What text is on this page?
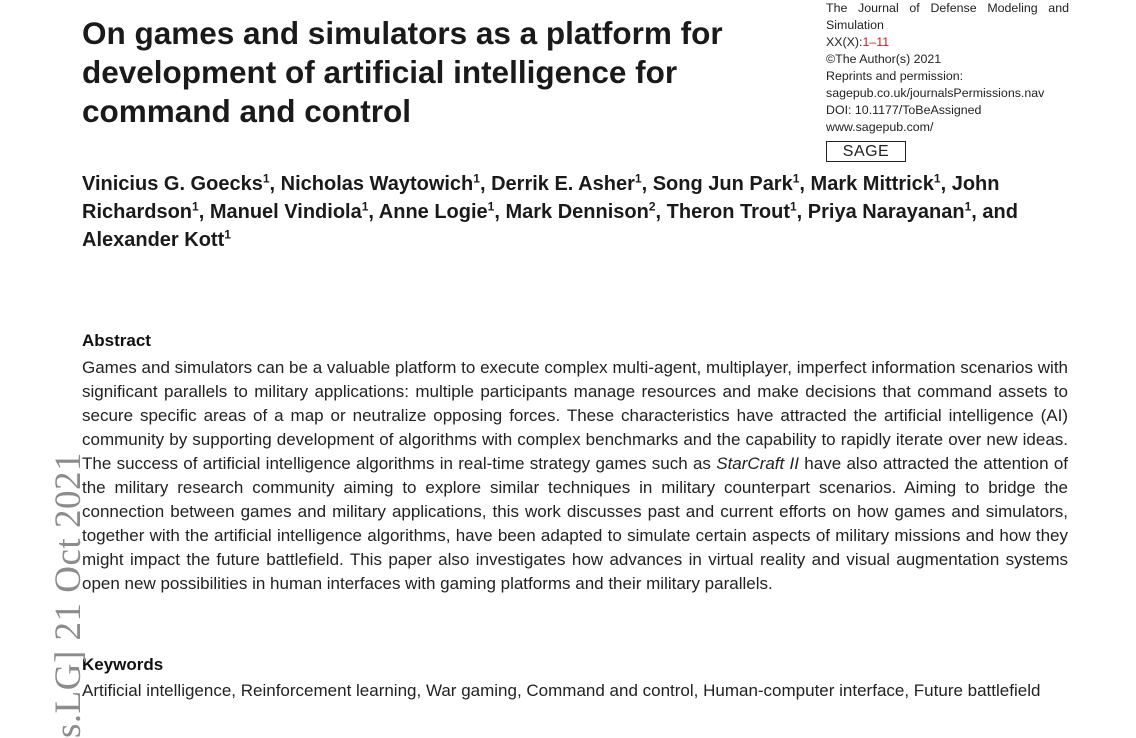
On games and simulators as a platform for development of artificial intelligence for command and control
The Journal of Defense Modeling and
Simulation
XX(X):1–11
©The Author(s) 2021
Reprints and permission:
sagepub.co.uk/journalsPermissions.nav
DOI: 10.1177/ToBeAssigned
www.sagepub.com/
SAGE
Vinicius G. Goecks$^1$, Nicholas Waytowich$^1$, Derrik E. Asher$^1$, Song Jun Park$^1$, Mark Mittrick$^1$, John Richardson$^1$, Manuel Vindiola$^1$, Anne Logie$^1$, Mark Dennison$^2$, Theron Trout$^1$, Priya Narayanan$^1$, and Alexander Kott$^1$
Abstract
Games and simulators can be a valuable platform to execute complex multi-agent, multiplayer, imperfect information scenarios with significant parallels to military applications: multiple participants manage resources and make decisions that command assets to secure specific areas of a map or neutralize opposing forces. These characteristics have attracted the artificial intelligence (AI) community by supporting development of algorithms with complex benchmarks and the capability to rapidly iterate over new ideas. The success of artificial intelligence algorithms in real-time strategy games such as StarCraft II have also attracted the attention of the military research community aiming to explore similar techniques in military counterpart scenarios. Aiming to bridge the connection between games and military applications, this work discusses past and current efforts on how games and simulators, together with the artificial intelligence algorithms, have been adapted to simulate certain aspects of military missions and how they might impact the future battlefield. This paper also investigates how advances in virtual reality and visual augmentation systems open new possibilities in human interfaces with gaming platforms and their military parallels.
Keywords
Artificial intelligence, Reinforcement learning, War gaming, Command and control, Human-computer interface, Future battlefield
s.LG] 21 Oct 2021
